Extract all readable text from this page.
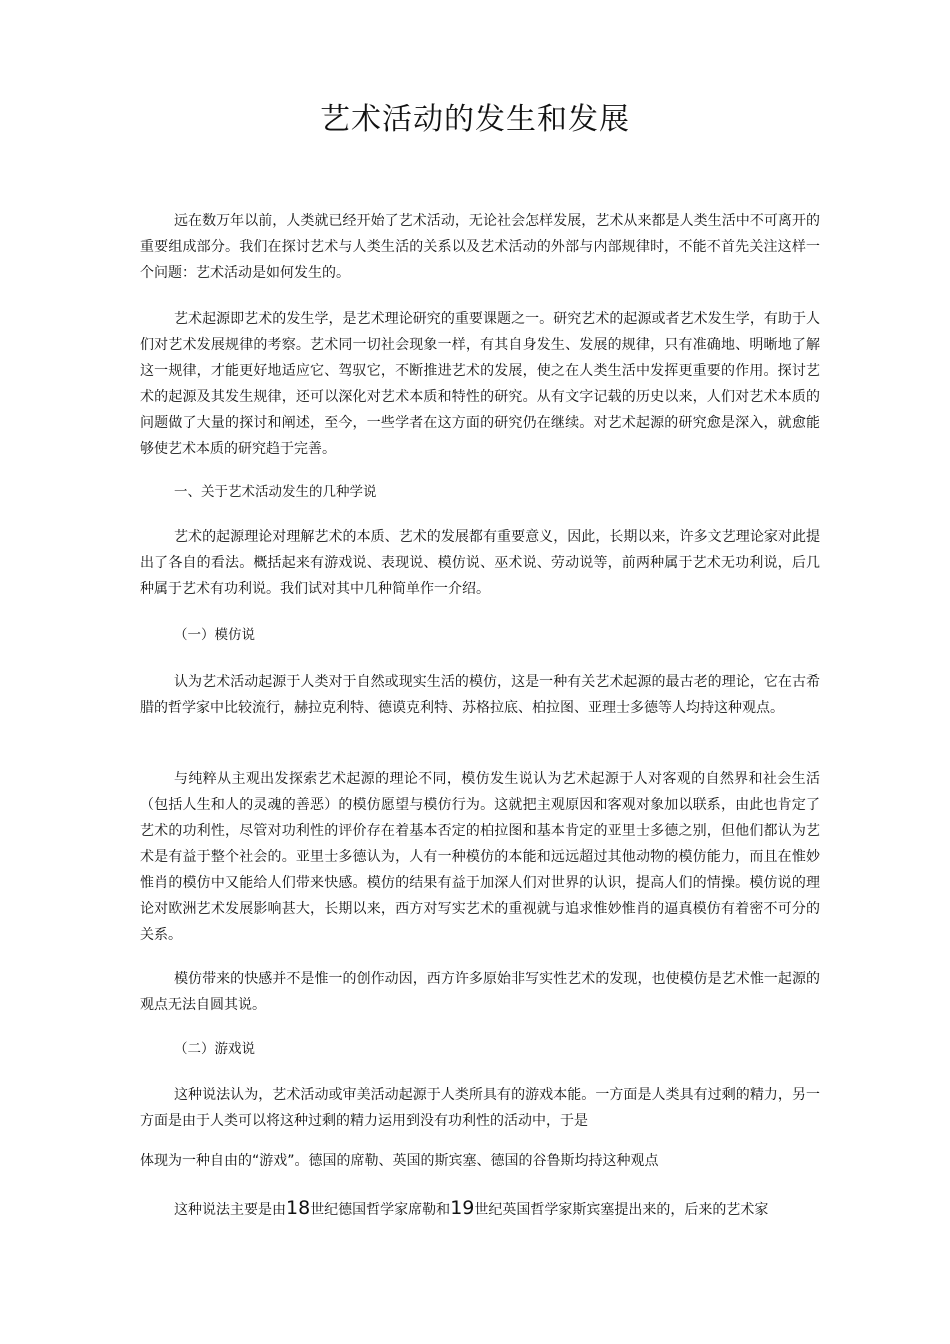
艺术活动的发生和发展

远在数万年以前，人类就已经开始了艺术活动，无论社会怎样发展，艺术从来都是人类生活中不可离开的重要组成部分。我们在探讨艺术与人类生活的关系以及艺术活动的外部与内部规律时，不能不首先关注这样一个问题：艺术活动是如何发生的。

艺术起源即艺术的发生学，是艺术理论研究的重要课题之一。研究艺术的起源或者艺术发生学，有助于人们对艺术发展规律的考察。艺术同一切社会现象一样，有其自身发生、发展的规律，只有准确地、明晰地了解这一规律，才能更好地适应它、驾驭它，不断推进艺术的发展，使之在人类生活中发挥更重要的作用。探讨艺术的起源及其发生规律，还可以深化对艺术本质和特性的研究。从有文字记载的历史以来，人们对艺术本质的问题做了大量的探讨和阐述，至今，一些学者在这方面的研究仍在继续。对艺术起源的研究愈是深入，就愈能够使艺术本质的研究趋于完善。

一、关于艺术活动发生的几种学说

艺术的起源理论对理解艺术的本质、艺术的发展都有重要意义，因此，长期以来，许多文艺理论家对此提出了各自的看法。概括起来有游戏说、表现说、模仿说、巫术说、劳动说等，前两种属于艺术无功利说，后几种属于艺术有功利说。我们试对其中几种简单作一介绍。

（一）模仿说

认为艺术活动起源于人类对于自然或现实生活的模仿，这是一种有关艺术起源的最古老的理论，它在古希腊的哲学家中比较流行，赫拉克利特、德谟克利特、苏格拉底、柏拉图、亚理士多德等人均持这种观点。

与纯粹从主观出发探索艺术起源的理论不同，模仿发生说认为艺术起源于人对客观的自然界和社会生活（包括人生和人的灵魂的善恶）的模仿愿望与模仿行为。这就把主观原因和客观对象加以联系，由此也肯定了艺术的功利性，尽管对功利性的评价存在着基本否定的柏拉图和基本肯定的亚里士多德之别，但他们都认为艺术是有益于整个社会的。亚里士多德认为，人有一种模仿的本能和远远超过其他动物的模仿能力，而且在惟妙惟肖的模仿中又能给人们带来快感。模仿的结果有益于加深人们对世界的认识，提高人们的情操。模仿说的理论对欧洲艺术发展影响甚大，长期以来，西方对写实艺术的重视就与追求惟妙惟肖的逼真模仿有着密不可分的关系。

模仿带来的快感并不是惟一的创作动因，西方许多原始非写实性艺术的发现，也使模仿是艺术惟一起源的观点无法自圆其说。

（二）游戏说

这种说法认为，艺术活动或审美活动起源于人类所具有的游戏本能。一方面是人类具有过剩的精力，另一方面是由于人类可以将这种过剩的精力运用到没有功利性的活动中，于是

体现为一种自由的“游戏”。德国的席勒、英国的斯宾塞、德国的谷鲁斯均持这种观点

这种说法主要是由18世纪德国哲学家席勒和19世纪英国哲学家斯宾塞提出来的，后来的艺术家
